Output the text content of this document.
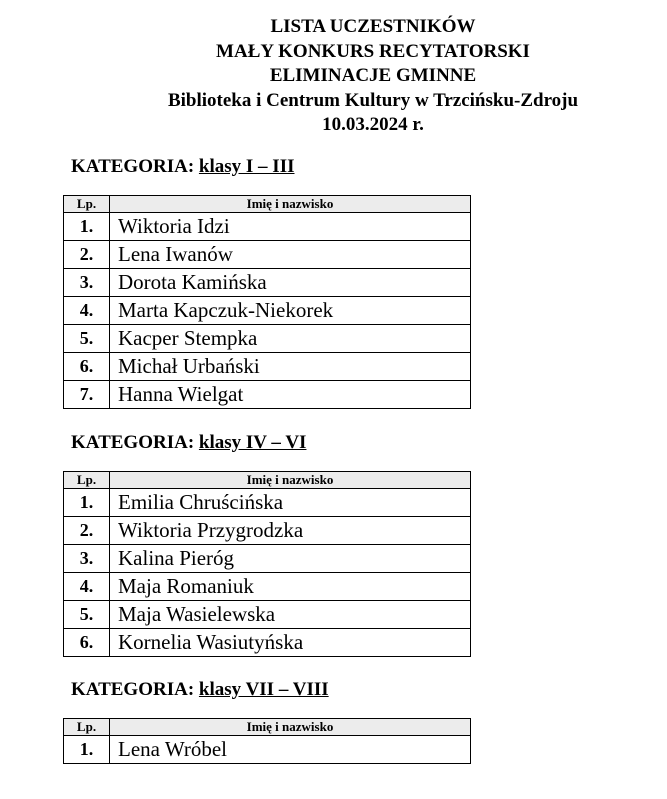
LISTA UCZESTNIKÓW
MAŁY KONKURS RECYTATORSKI
ELIMINACJE GMINNE
Biblioteka i Centrum Kultury w Trzcińsku-Zdroju
10.03.2024 r.
KATEGORIA: klasy I – III
Lp.	Imię i nazwisko
1.	Wiktoria Idzi
2.	Lena Iwanów
3.	Dorota Kamińska
4.	Marta Kapczuk-Niekorek
5.	Kacper Stempka
6.	Michał Urbański
7.	Hanna Wielgat
KATEGORIA: klasy IV – VI
Lp.	Imię i nazwisko
1.	Emilia Chruścińska
2.	Wiktoria Przygrodzka
3.	Kalina Pieróg
4.	Maja Romaniuk
5.	Maja Wasielewska
6.	Kornelia Wasiutyńska
KATEGORIA: klasy VII – VIII
Lp.	Imię i nazwisko
1.	Lena Wróbel
